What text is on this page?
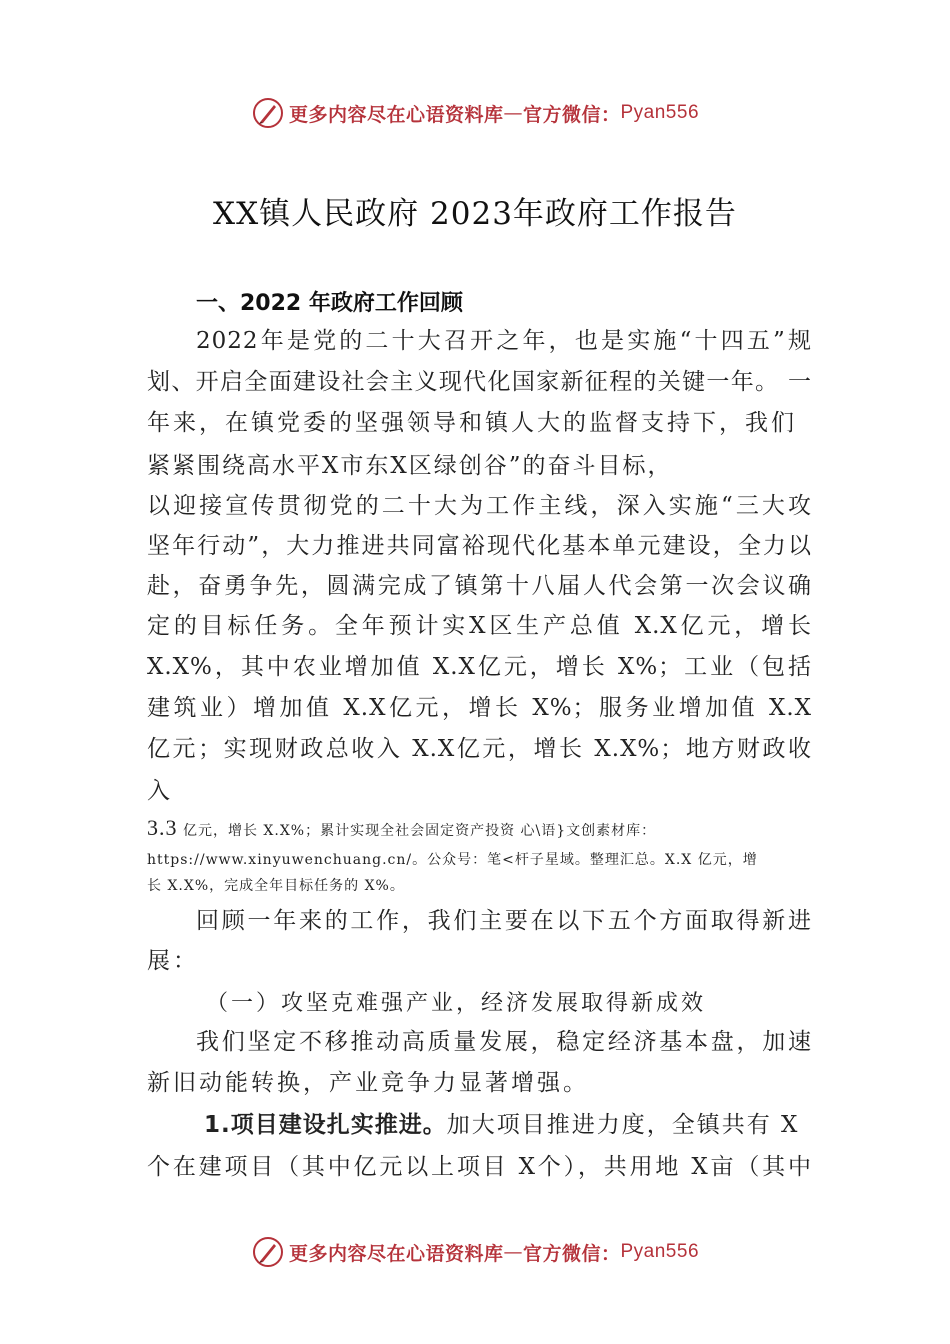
更多内容尽在心语资料库 — 官方微信： Pyan556
XX镇人民政府 2023年政府工作报告
一、2022 年政府工作回顾
2022年是党的二十大召开之年，也是实施“十四五”规
划、开启全面建设社会主义现代化国家新征程的关键一年。 一
年来，在镇党委的坚强领导和镇人大的监督支持下，我们
紧紧围绕高水平X市东X区绿创谷”的奋斗目标，
以迎接宣传贯彻党的二十大为工作主线，深入实施“三大攻
坚年行动”，大力推进共同富裕现代化基本单元建设，全力以
赴，奋勇争先，圆满完成了镇第十八届人代会第一次会议确
定的目标任务。全年预计实X区生产总值 X.X亿元，增长
X.X%，其中农业增加值 X.X亿元，增长 X%；工业（包括
建筑业）增加值 X.X亿元，增长 X%；服务业增加值 X.X
亿元；实现财政总收入 X.X亿元，增长 X.X%；地方财政收
入
3.3 亿元，增长 X.X%；累计实现全社会固定资产投资 心\语}文创素材库：
https://www.xinyuwenchuang.cn/。公众号：笔<杆子星域。整理汇总。X.X 亿元，增
长 X.X%，完成全年目标任务的 X%。
回顾一年来的工作，我们主要在以下五个方面取得新进
展：
（一）攻坚克难强产业，经济发展取得新成效
我们坚定不移推动高质量发展，稳定经济基本盘，加速
新旧动能转换，产业竞争力显著增强。
1.项目建设扎实推进。加大项目推进力度，全镇共有 X
个在建项目（其中亿元以上项目 X个），共用地 X亩（其中
更多内容尽在心语资料库 — 官方微信： Pyan556
